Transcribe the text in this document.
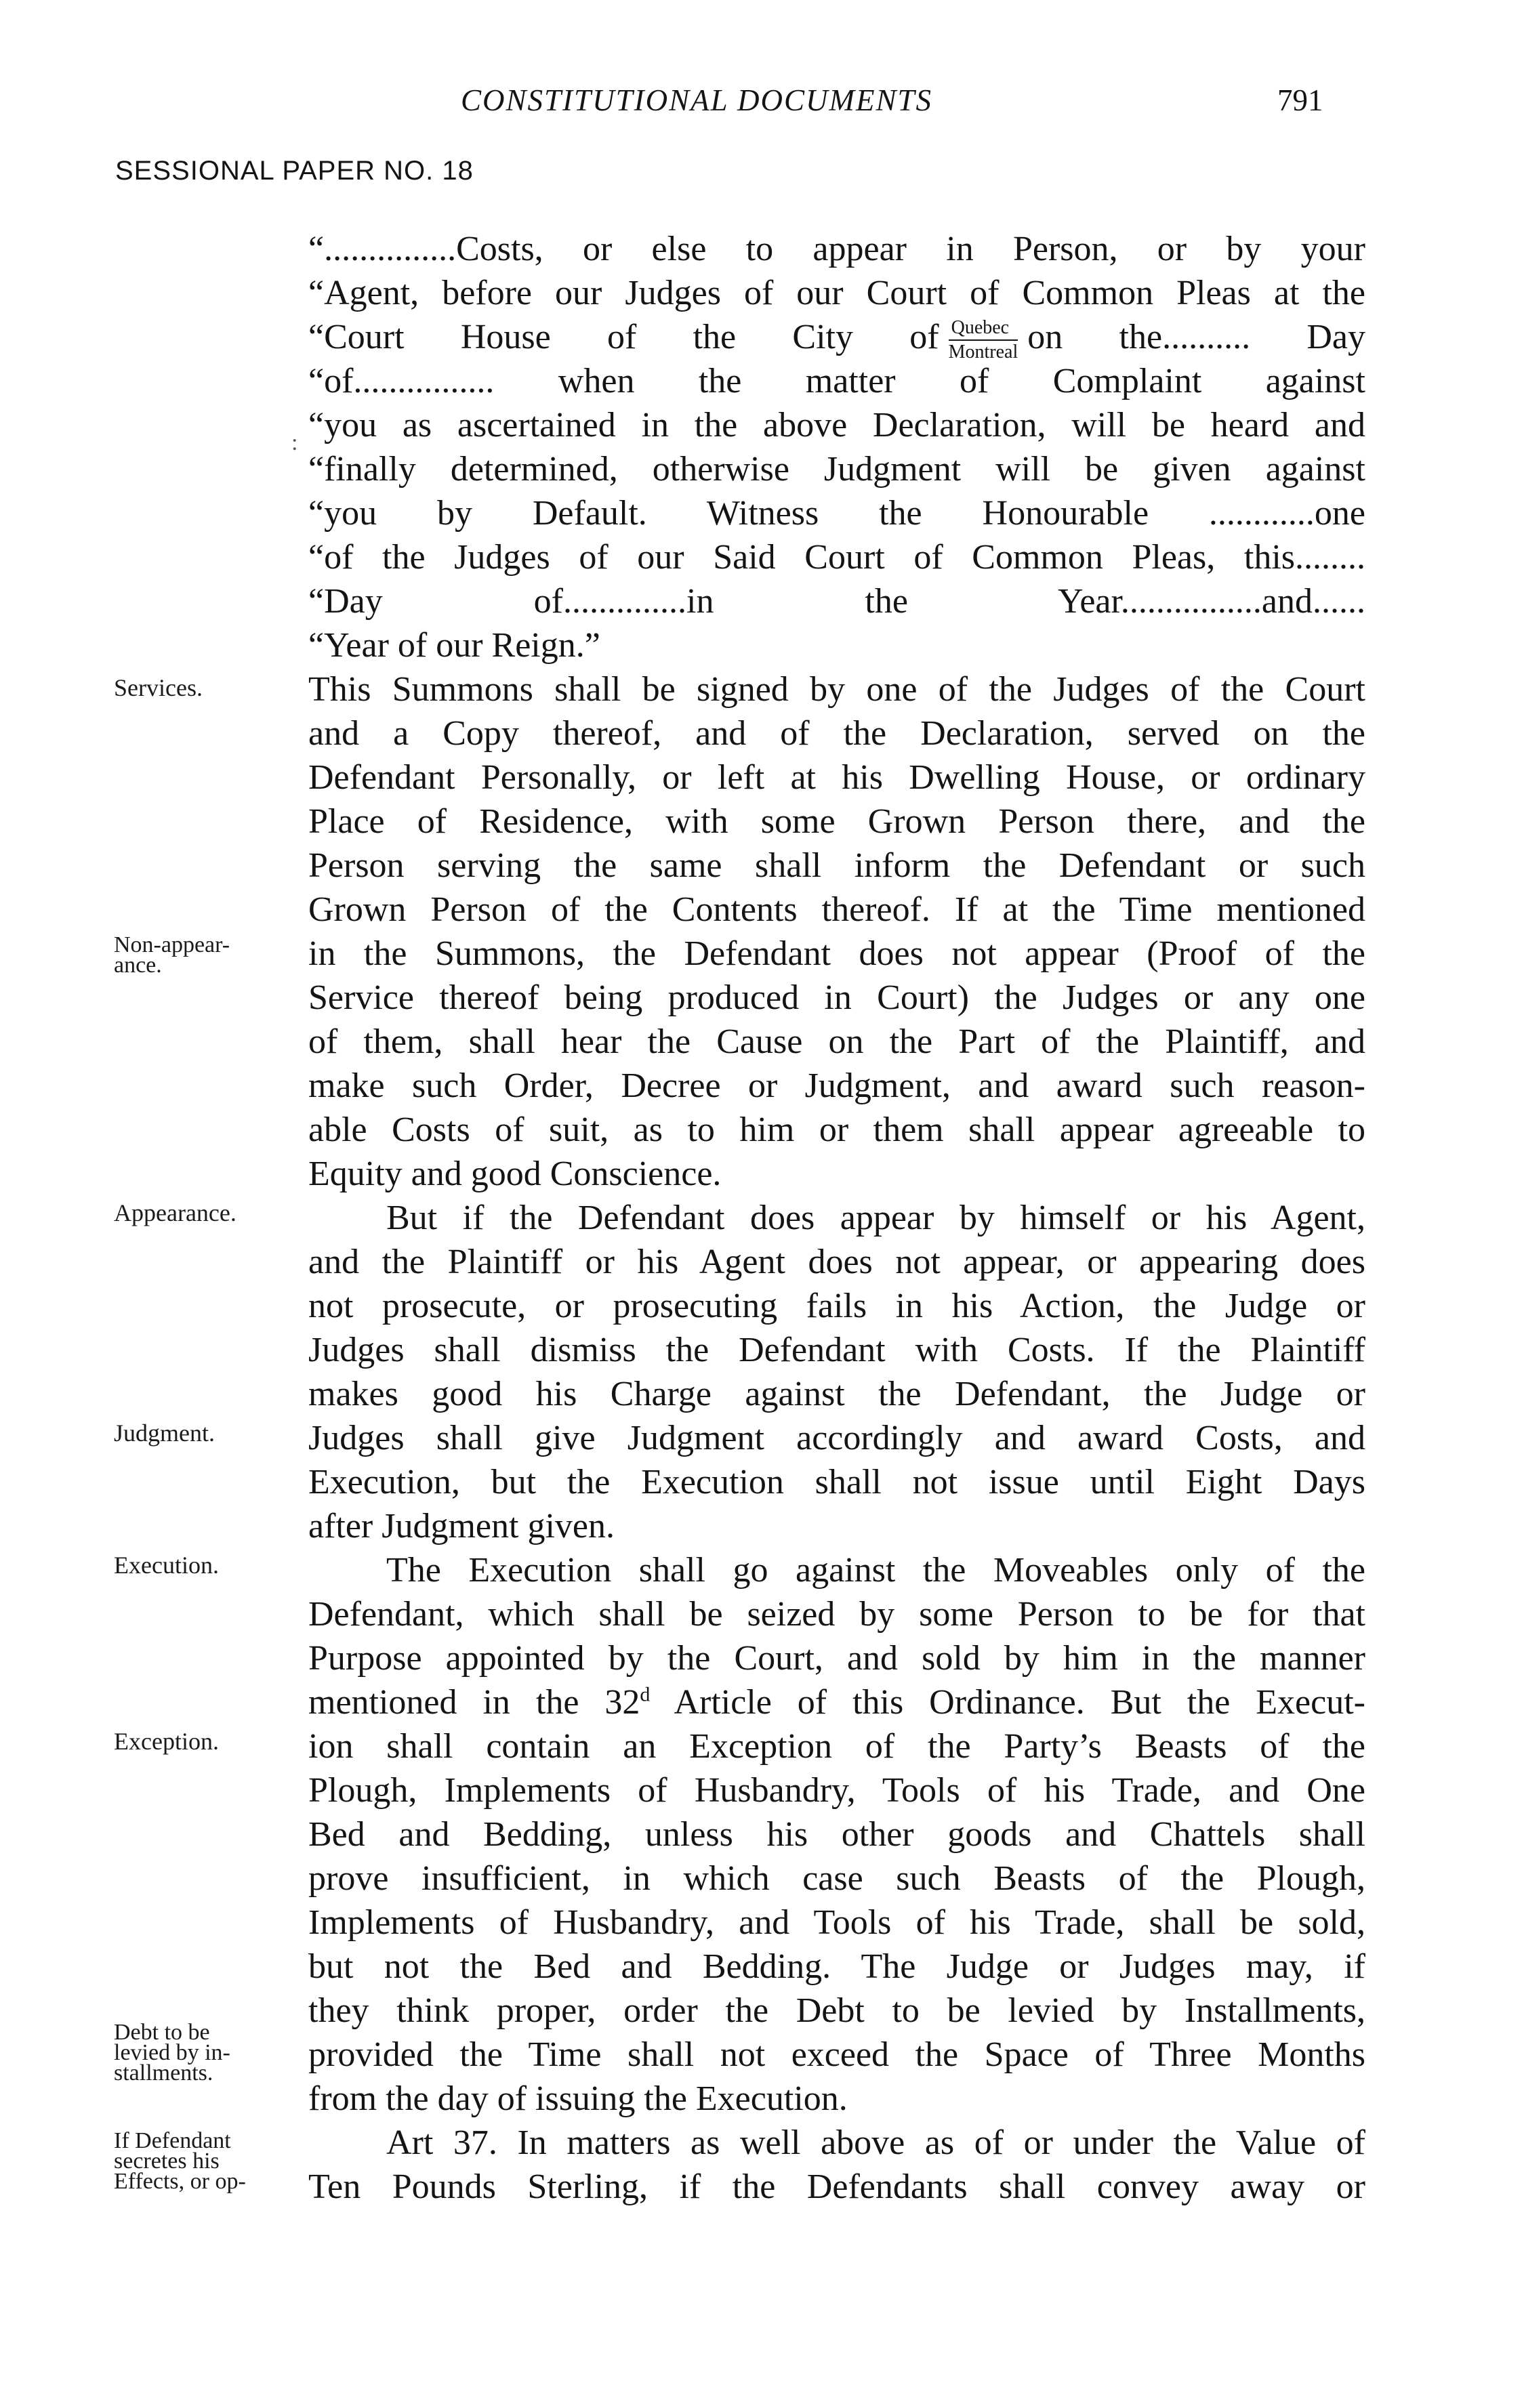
CONSTITUTIONAL DOCUMENTS	791
SESSIONAL PAPER NO. 18
:
“...............Costs, or else to appear in Person, or by your
“Agent, before our Judges of our Court of Common Pleas at the
“Court House of the City of $\frac{\text{Quebec}}{\text{Montreal}}$ on the.......... Day
“of................ when the matter of Complaint against
“you as ascertained in the above Declaration, will be heard and
“finally determined, otherwise Judgment will be given against
“you by Default. Witness the Honourable ............one
“of the Judges of our Said Court of Common Pleas, this........
“Day of..............in the Year................and......
“Year of our Reign.”
This Summons shall be signed by one of the Judges of the Court
and a Copy thereof, and of the Declaration, served on the
Defendant Personally, or left at his Dwelling House, or ordinary
Place of Residence, with some Grown Person there, and the
Person serving the same shall inform the Defendant or such
Grown Person of the Contents thereof. If at the Time mentioned
in the Summons, the Defendant does not appear (Proof of the
Service thereof being produced in Court) the Judges or any one
of them, shall hear the Cause on the Part of the Plaintiff, and
make such Order, Decree or Judgment, and award such reason-
able Costs of suit, as to him or them shall appear agreeable to
Equity and good Conscience.
But if the Defendant does appear by himself or his Agent,
and the Plaintiff or his Agent does not appear, or appearing does
not prosecute, or prosecuting fails in his Action, the Judge or
Judges shall dismiss the Defendant with Costs. If the Plaintiff
makes good his Charge against the Defendant, the Judge or
Judges shall give Judgment accordingly and award Costs, and
Execution, but the Execution shall not issue until Eight Days
after Judgment given.
The Execution shall go against the Moveables only of the
Defendant, which shall be seized by some Person to be for that
Purpose appointed by the Court, and sold by him in the manner
mentioned in the 32$^d$ Article of this Ordinance. But the Execut-
ion shall contain an Exception of the Party’s Beasts of the
Plough, Implements of Husbandry, Tools of his Trade, and One
Bed and Bedding, unless his other goods and Chattels shall
prove insufficient, in which case such Beasts of the Plough,
Implements of Husbandry, and Tools of his Trade, shall be sold,
but not the Bed and Bedding. The Judge or Judges may, if
they think proper, order the Debt to be levied by Installments,
provided the Time shall not exceed the Space of Three Months
from the day of issuing the Execution.
Art 37. In matters as well above as of or under the Value of
Ten Pounds Sterling, if the Defendants shall convey away or
Services.
Non-appear-
ance.
Appearance.
Judgment.
Execution.
Exception.
Debt to be
levied by in-
stallments.
If Defendant
secretes his
Effects, or op-
